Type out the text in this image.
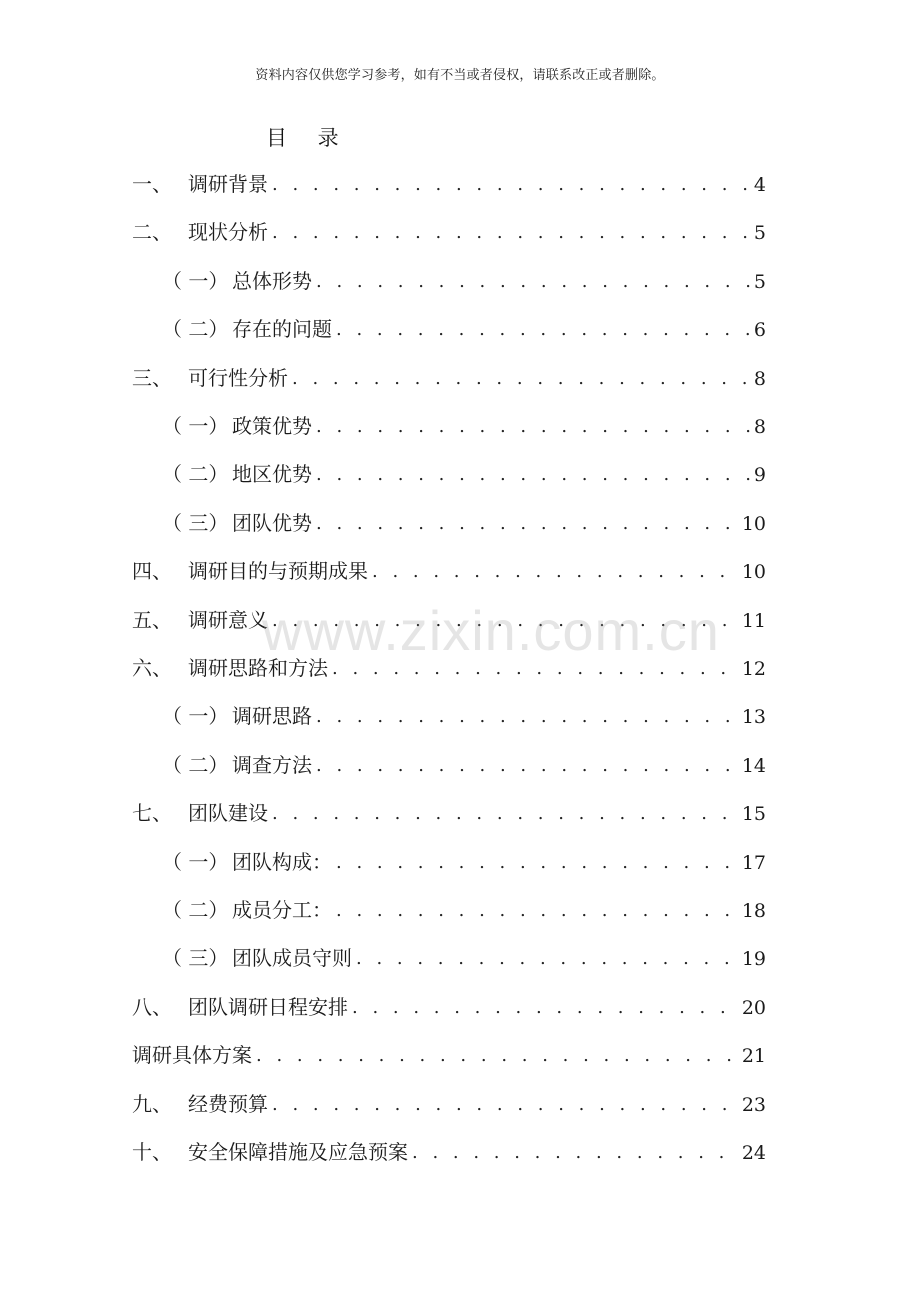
资料内容仅供您学习参考，如有不当或者侵权，请联系改正或者删除。
目 录
一、 调研背景 . . .	4
二、 现状分析 . . .	5
（ 一） 总体形势 . . .	5
（ 二） 存在的问题 . . .	6
三、 可行性分析 . . .	8
（ 一） 政策优势 . . .	8
（ 二） 地区优势 . . .	9
（ 三） 团队优势 . . .	10
四、 调研目的与预期成果 . . .	10
五、 调研意义 . . .	11
六、 调研思路和方法 . . .	12
（ 一） 调研思路 . . .	13
（ 二） 调查方法 . . .	14
七、 团队建设 . . .	15
（ 一） 团队构成： . . .	17
（ 二） 成员分工： . . .	18
（ 三） 团队成员守则 . . .	19
八、 团队调研日程安排 . . .	20
调研具体方案 . . .	21
九、 经费预算 . . .	23
十、 安全保障措施及应急预案 . . .	24
www.zixin.com.cn
